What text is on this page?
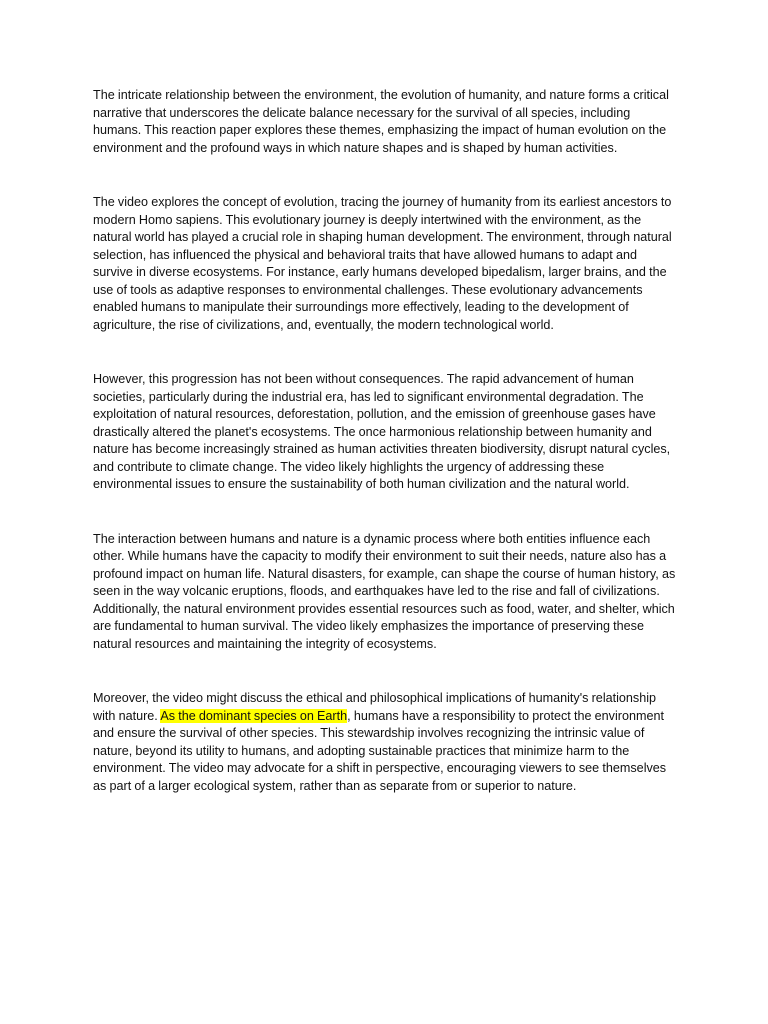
The intricate relationship between the environment, the evolution of humanity, and nature forms a critical narrative that underscores the delicate balance necessary for the survival of all species, including humans. This reaction paper explores these themes, emphasizing the impact of human evolution on the environment and the profound ways in which nature shapes and is shaped by human activities.

The video explores the concept of evolution, tracing the journey of humanity from its earliest ancestors to modern Homo sapiens. This evolutionary journey is deeply intertwined with the environment, as the natural world has played a crucial role in shaping human development. The environment, through natural selection, has influenced the physical and behavioral traits that have allowed humans to adapt and survive in diverse ecosystems. For instance, early humans developed bipedalism, larger brains, and the use of tools as adaptive responses to environmental challenges. These evolutionary advancements enabled humans to manipulate their surroundings more effectively, leading to the development of agriculture, the rise of civilizations, and, eventually, the modern technological world.

However, this progression has not been without consequences. The rapid advancement of human societies, particularly during the industrial era, has led to significant environmental degradation. The exploitation of natural resources, deforestation, pollution, and the emission of greenhouse gases have drastically altered the planet's ecosystems. The once harmonious relationship between humanity and nature has become increasingly strained as human activities threaten biodiversity, disrupt natural cycles, and contribute to climate change. The video likely highlights the urgency of addressing these environmental issues to ensure the sustainability of both human civilization and the natural world.

The interaction between humans and nature is a dynamic process where both entities influence each other. While humans have the capacity to modify their environment to suit their needs, nature also has a profound impact on human life. Natural disasters, for example, can shape the course of human history, as seen in the way volcanic eruptions, floods, and earthquakes have led to the rise and fall of civilizations. Additionally, the natural environment provides essential resources such as food, water, and shelter, which are fundamental to human survival. The video likely emphasizes the importance of preserving these natural resources and maintaining the integrity of ecosystems.

Moreover, the video might discuss the ethical and philosophical implications of humanity's relationship with nature. As the dominant species on Earth, humans have a responsibility to protect the environment and ensure the survival of other species. This stewardship involves recognizing the intrinsic value of nature, beyond its utility to humans, and adopting sustainable practices that minimize harm to the environment. The video may advocate for a shift in perspective, encouraging viewers to see themselves as part of a larger ecological system, rather than as separate from or superior to nature.
